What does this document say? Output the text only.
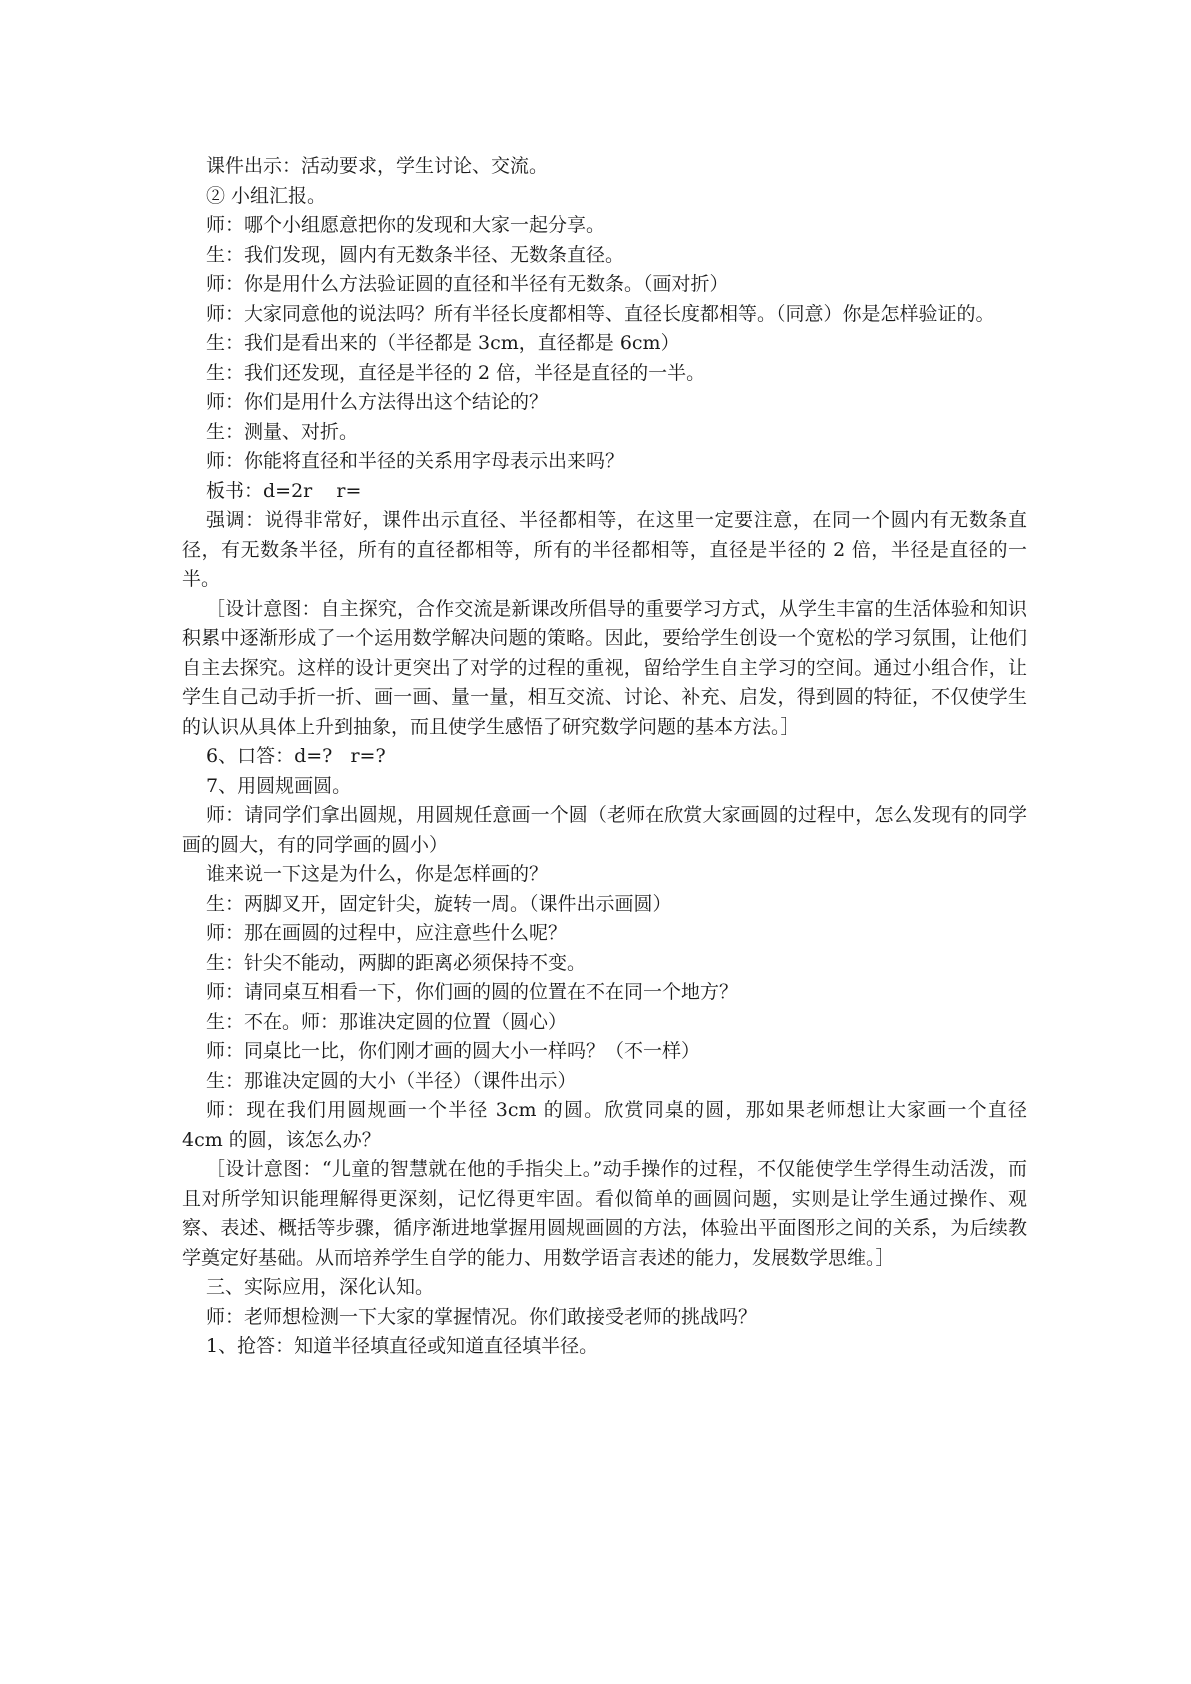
课件出示：活动要求，学生讨论、交流。

② 小组汇报。

师：哪个小组愿意把你的发现和大家一起分享。

生：我们发现，圆内有无数条半径、无数条直径。

师：你是用什么方法验证圆的直径和半径有无数条。（画对折）

师：大家同意他的说法吗？所有半径长度都相等、直径长度都相等。（同意）你是怎样验证的。

生：我们是看出来的（半径都是 3cm，直径都是 6cm）

生：我们还发现，直径是半径的 2 倍，半径是直径的一半。

师：你们是用什么方法得出这个结论的？

生：测量、对折。

师：你能将直径和半径的关系用字母表示出来吗？

板书：d=2r    r=

强调：说得非常好，课件出示直径、半径都相等，在这里一定要注意，在同一个圆内有无数条直径，有无数条半径，所有的直径都相等，所有的半径都相等，直径是半径的 2 倍，半径是直径的一半。

［设计意图：自主探究，合作交流是新课改所倡导的重要学习方式，从学生丰富的生活体验和知识积累中逐渐形成了一个运用数学解决问题的策略。因此，要给学生创设一个宽松的学习氛围，让他们自主去探究。这样的设计更突出了对学的过程的重视，留给学生自主学习的空间。通过小组合作，让学生自己动手折一折、画一画、量一量，相互交流、讨论、补充、启发，得到圆的特征，不仅使学生的认识从具体上升到抽象，而且使学生感悟了研究数学问题的基本方法。］

6、口答：d=?   r=?

7、用圆规画圆。

师：请同学们拿出圆规，用圆规任意画一个圆（老师在欣赏大家画圆的过程中，怎么发现有的同学画的圆大，有的同学画的圆小）

谁来说一下这是为什么，你是怎样画的？

生：两脚叉开，固定针尖，旋转一周。（课件出示画圆）

师：那在画圆的过程中，应注意些什么呢？

生：针尖不能动，两脚的距离必须保持不变。

师：请同桌互相看一下，你们画的圆的位置在不在同一个地方？

生：不在。师：那谁决定圆的位置（圆心）

师：同桌比一比，你们刚才画的圆大小一样吗？（不一样）

生：那谁决定圆的大小（半径）（课件出示）

师：现在我们用圆规画一个半径 3cm 的圆。欣赏同桌的圆，那如果老师想让大家画一个直径 4cm 的圆，该怎么办？

［设计意图：“儿童的智慧就在他的手指尖上。”动手操作的过程，不仅能使学生学得生动活泼，而且对所学知识能理解得更深刻，记忆得更牢固。看似简单的画圆问题，实则是让学生通过操作、观察、表述、概括等步骤，循序渐进地掌握用圆规画圆的方法，体验出平面图形之间的关系，为后续教学奠定好基础。从而培养学生自学的能力、用数学语言表述的能力，发展数学思维。］

三、实际应用，深化认知。

师：老师想检测一下大家的掌握情况。你们敢接受老师的挑战吗？

1、抢答：知道半径填直径或知道直径填半径。
